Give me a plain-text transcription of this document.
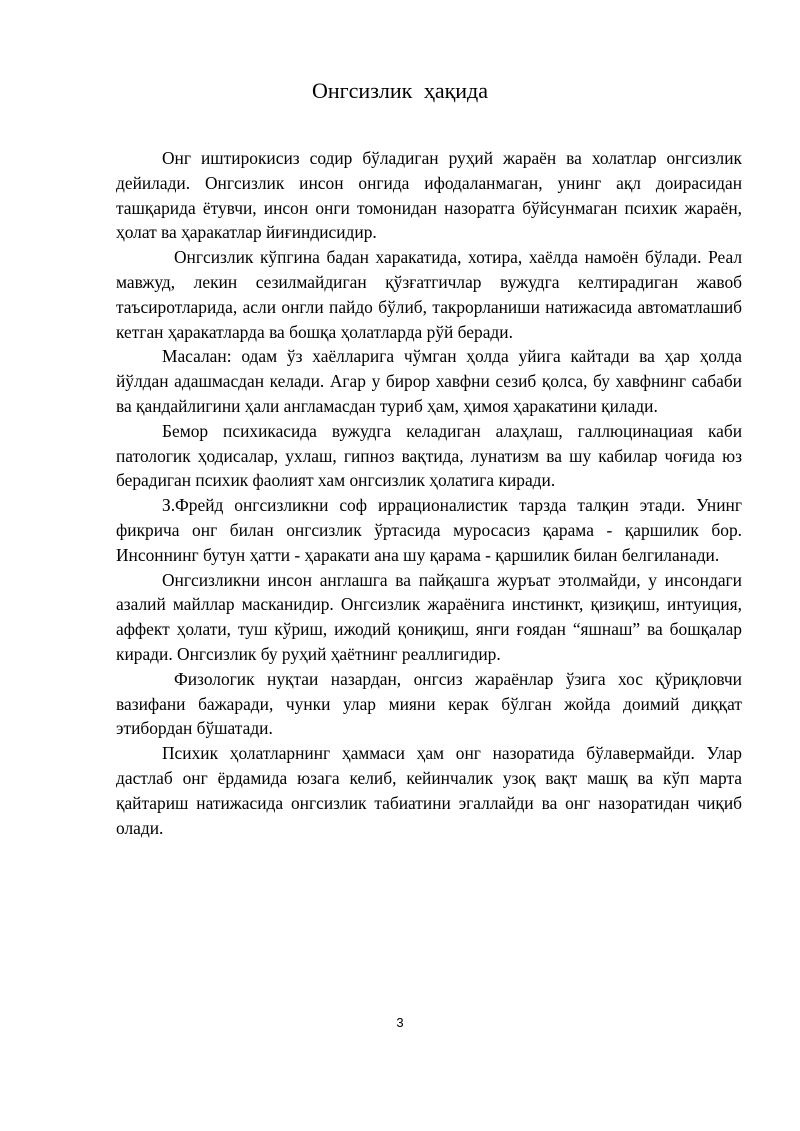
Онгсизлик ҳақида

Онг иштирокисиз содир бўладиган руҳий жараён ва холатлар онгсизлик дейилади. Онгсизлик инсон онгида ифодаланмаган, унинг ақл доирасидан ташқарида ётувчи, инсон онги томонидан назоратга бўйсунмаган психик жараён, ҳолат ва ҳаракатлар йиғиндисидир.

Онгсизлик кўпгина бадан харакатида, хотира, хаёлда намоён бўлади. Реал мавжуд, лекин сезилмайдиган қўзғатгичлар вужудга келтирадиган жавоб таъсиротларида, асли онгли пайдо бўлиб, такрорланиши натижасида автоматлашиб кетган ҳаракатларда ва бошқа ҳолатларда рўй беради.

Масалан: одам ўз хаёлларига чўмган ҳолда уйига кайтади ва ҳар ҳолда йўлдан адашмасдан келади. Агар у бирор хавфни сезиб қолса, бу хавфнинг сабаби ва қандайлигини ҳали англамасдан туриб ҳам, ҳимоя ҳаракатини қилади.

Бемор психикасида вужудга келадиган алаҳлаш, галлюцинациая каби патологик ҳодисалар, ухлаш, гипноз вақтида, лунатизм ва шу кабилар чоғида юз берадиган психик фаолият хам онгсизлик ҳолатига киради.

З.Фрейд онгсизликни соф иррационалистик тарзда талқин этади. Унинг фикрича онг билан онгсизлик ўртасида муросасиз қарама - қаршилик бор. Инсоннинг бутун ҳатти - ҳаракати ана шу қарама - қаршилик билан белгиланади.

Онгсизликни инсон англашга ва пайқашга журъат этолмайди, у инсондаги азалий майллар масканидир. Онгсизлик жараёнига инстинкт, қизиқиш, интуиция, аффект ҳолати, туш кўриш, ижодий қониқиш, янги ғоядан “яшнаш” ва бошқалар киради. Онгсизлик бу руҳий ҳаётнинг реаллигидир.

Физологик нуқтаи назардан, онгсиз жараёнлар ўзига хос қўриқловчи вазифани бажаради, чунки улар мияни керак бўлган жойда доимий диққат этибордан бўшатади.

Психик ҳолатларнинг ҳаммаси ҳам онг назоратида бўлавермайди. Улар дастлаб онг ёрдамида юзага келиб, кейинчалик узоқ вақт машқ ва кўп марта қайтариш натижасида онгсизлик табиатини эгаллайди ва онг назоратидан чиқиб олади.

3
